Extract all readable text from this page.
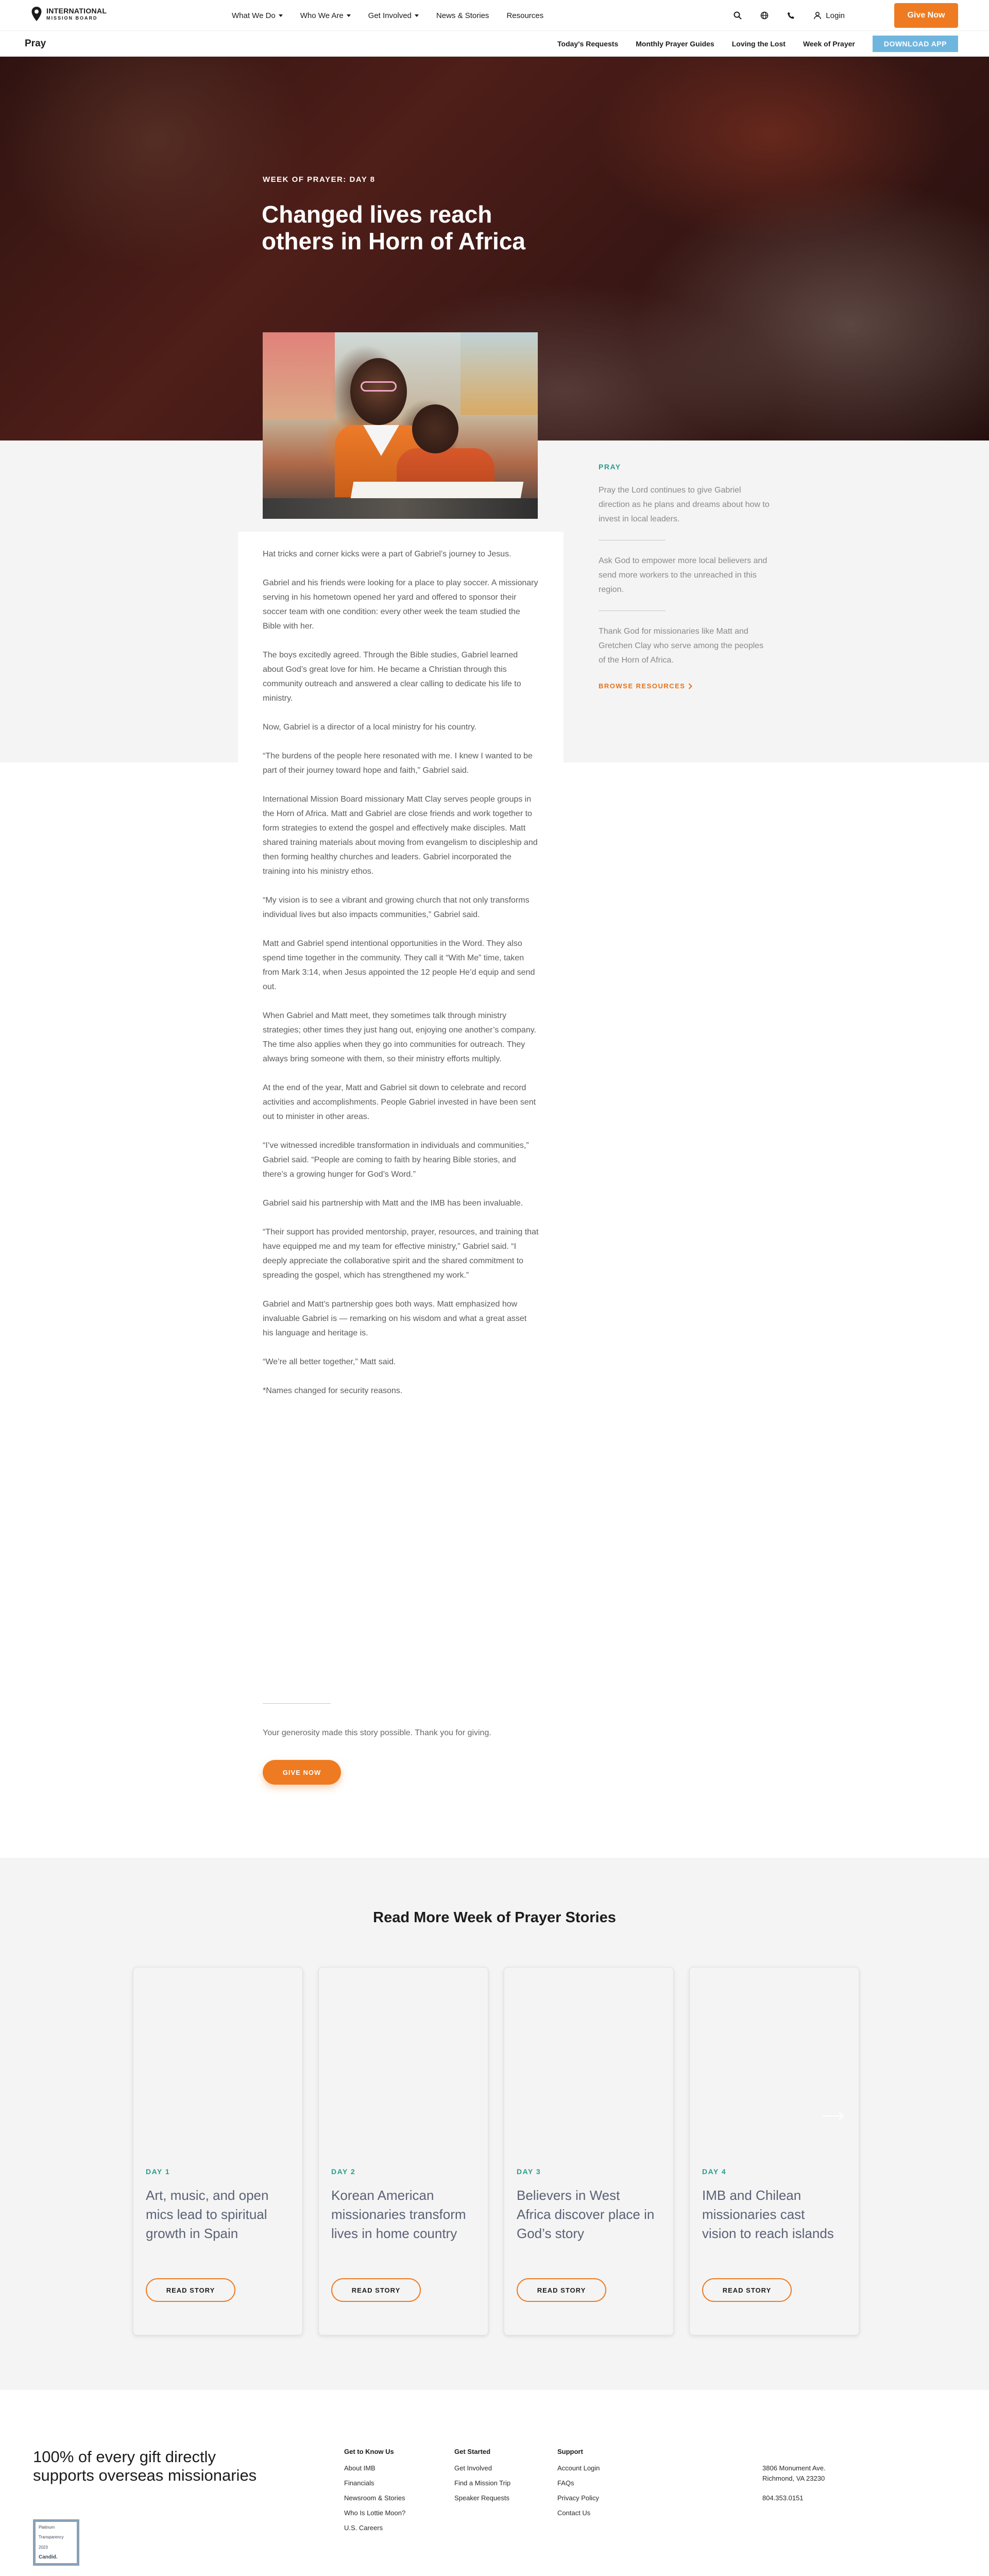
INTERNATIONAL
MISSION BOARD	What We Do	Who We Are	Get Involved	News & Stories Resources	Login	Give Now
Pray	Today's Requests Monthly Prayer Guides Loving the Lost Week of Prayer	DOWNLOAD APP
WEEK OF PRAYER: DAY 8
Changed lives reach others in Horn of Africa

Hat tricks and corner kicks were a part of Gabriel’s journey to Jesus.

Gabriel and his friends were looking for a place to play soccer. A missionary serving in his hometown opened her yard and offered to sponsor their soccer team with one condition: every other week the team studied the Bible with her.

The boys excitedly agreed. Through the Bible studies, Gabriel learned about God’s great love for him. He became a Christian through this community outreach and answered a clear calling to dedicate his life to ministry.

Now, Gabriel is a director of a local ministry for his country.

“The burdens of the people here resonated with me. I knew I wanted to be part of their journey toward hope and faith,” Gabriel said.

International Mission Board missionary Matt Clay serves people groups in the Horn of Africa. Matt and Gabriel are close friends and work together to form strategies to extend the gospel and effectively make disciples. Matt shared training materials about moving from evangelism to discipleship and then forming healthy churches and leaders. Gabriel incorporated the training into his ministry ethos.

“My vision is to see a vibrant and growing church that not only transforms individual lives but also impacts communities,” Gabriel said.

Matt and Gabriel spend intentional opportunities in the Word. They also spend time together in the community. They call it “With Me” time, taken from Mark 3:14, when Jesus appointed the 12 people He’d equip and send out.

When Gabriel and Matt meet, they sometimes talk through ministry strategies; other times they just hang out, enjoying one another’s company. The time also applies when they go into communities for outreach. They always bring someone with them, so their ministry efforts multiply.

At the end of the year, Matt and Gabriel sit down to celebrate and record activities and accomplishments. People Gabriel invested in have been sent out to minister in other areas.

“I’ve witnessed incredible transformation in individuals and communities,” Gabriel said. “People are coming to faith by hearing Bible stories, and there’s a growing hunger for God’s Word.”

Gabriel said his partnership with Matt and the IMB has been invaluable.

“Their support has provided mentorship, prayer, resources, and training that have equipped me and my team for effective ministry,” Gabriel said. “I deeply appreciate the collaborative spirit and the shared commitment to spreading the gospel, which has strengthened my work.”

Gabriel and Matt’s partnership goes both ways. Matt emphasized how invaluable Gabriel is — remarking on his wisdom and what a great asset his language and heritage is.

“We’re all better together,” Matt said.

*Names changed for security reasons.

PRAY
Pray the Lord continues to give Gabriel direction as he plans and dreams about how to invest in local leaders.
Ask God to empower more local believers and send more workers to the unreached in this region.
Thank God for missionaries like Matt and Gretchen Clay who serve among the peoples of the Horn of Africa.
BROWSE RESOURCES
Your generosity made this story possible. Thank you for giving.
GIVE NOW
Read More Week of Prayer Stories
DAY 1
Art, music, and open mics lead to spiritual growth in Spain
READ STORY
DAY 2
Korean American missionaries transform lives in home country
READ STORY
DAY 3
Believers in West Africa discover place in God’s story
READ STORY
DAY 4
IMB and Chilean missionaries cast vision to reach islands
READ STORY
100% of every gift directly supports overseas missionaries
Platinum
Transparency
2023
Candid.
Get to Know Us
About IMB
Financials
Newsroom & Stories
Who Is Lottie Moon?
U.S. Careers
Get Started
Get Involved
Find a Mission Trip
Speaker Requests
Support
Account Login
FAQs
Privacy Policy
Contact Us
3806 Monument Ave.
Richmond, VA 23230
804.353.0151
